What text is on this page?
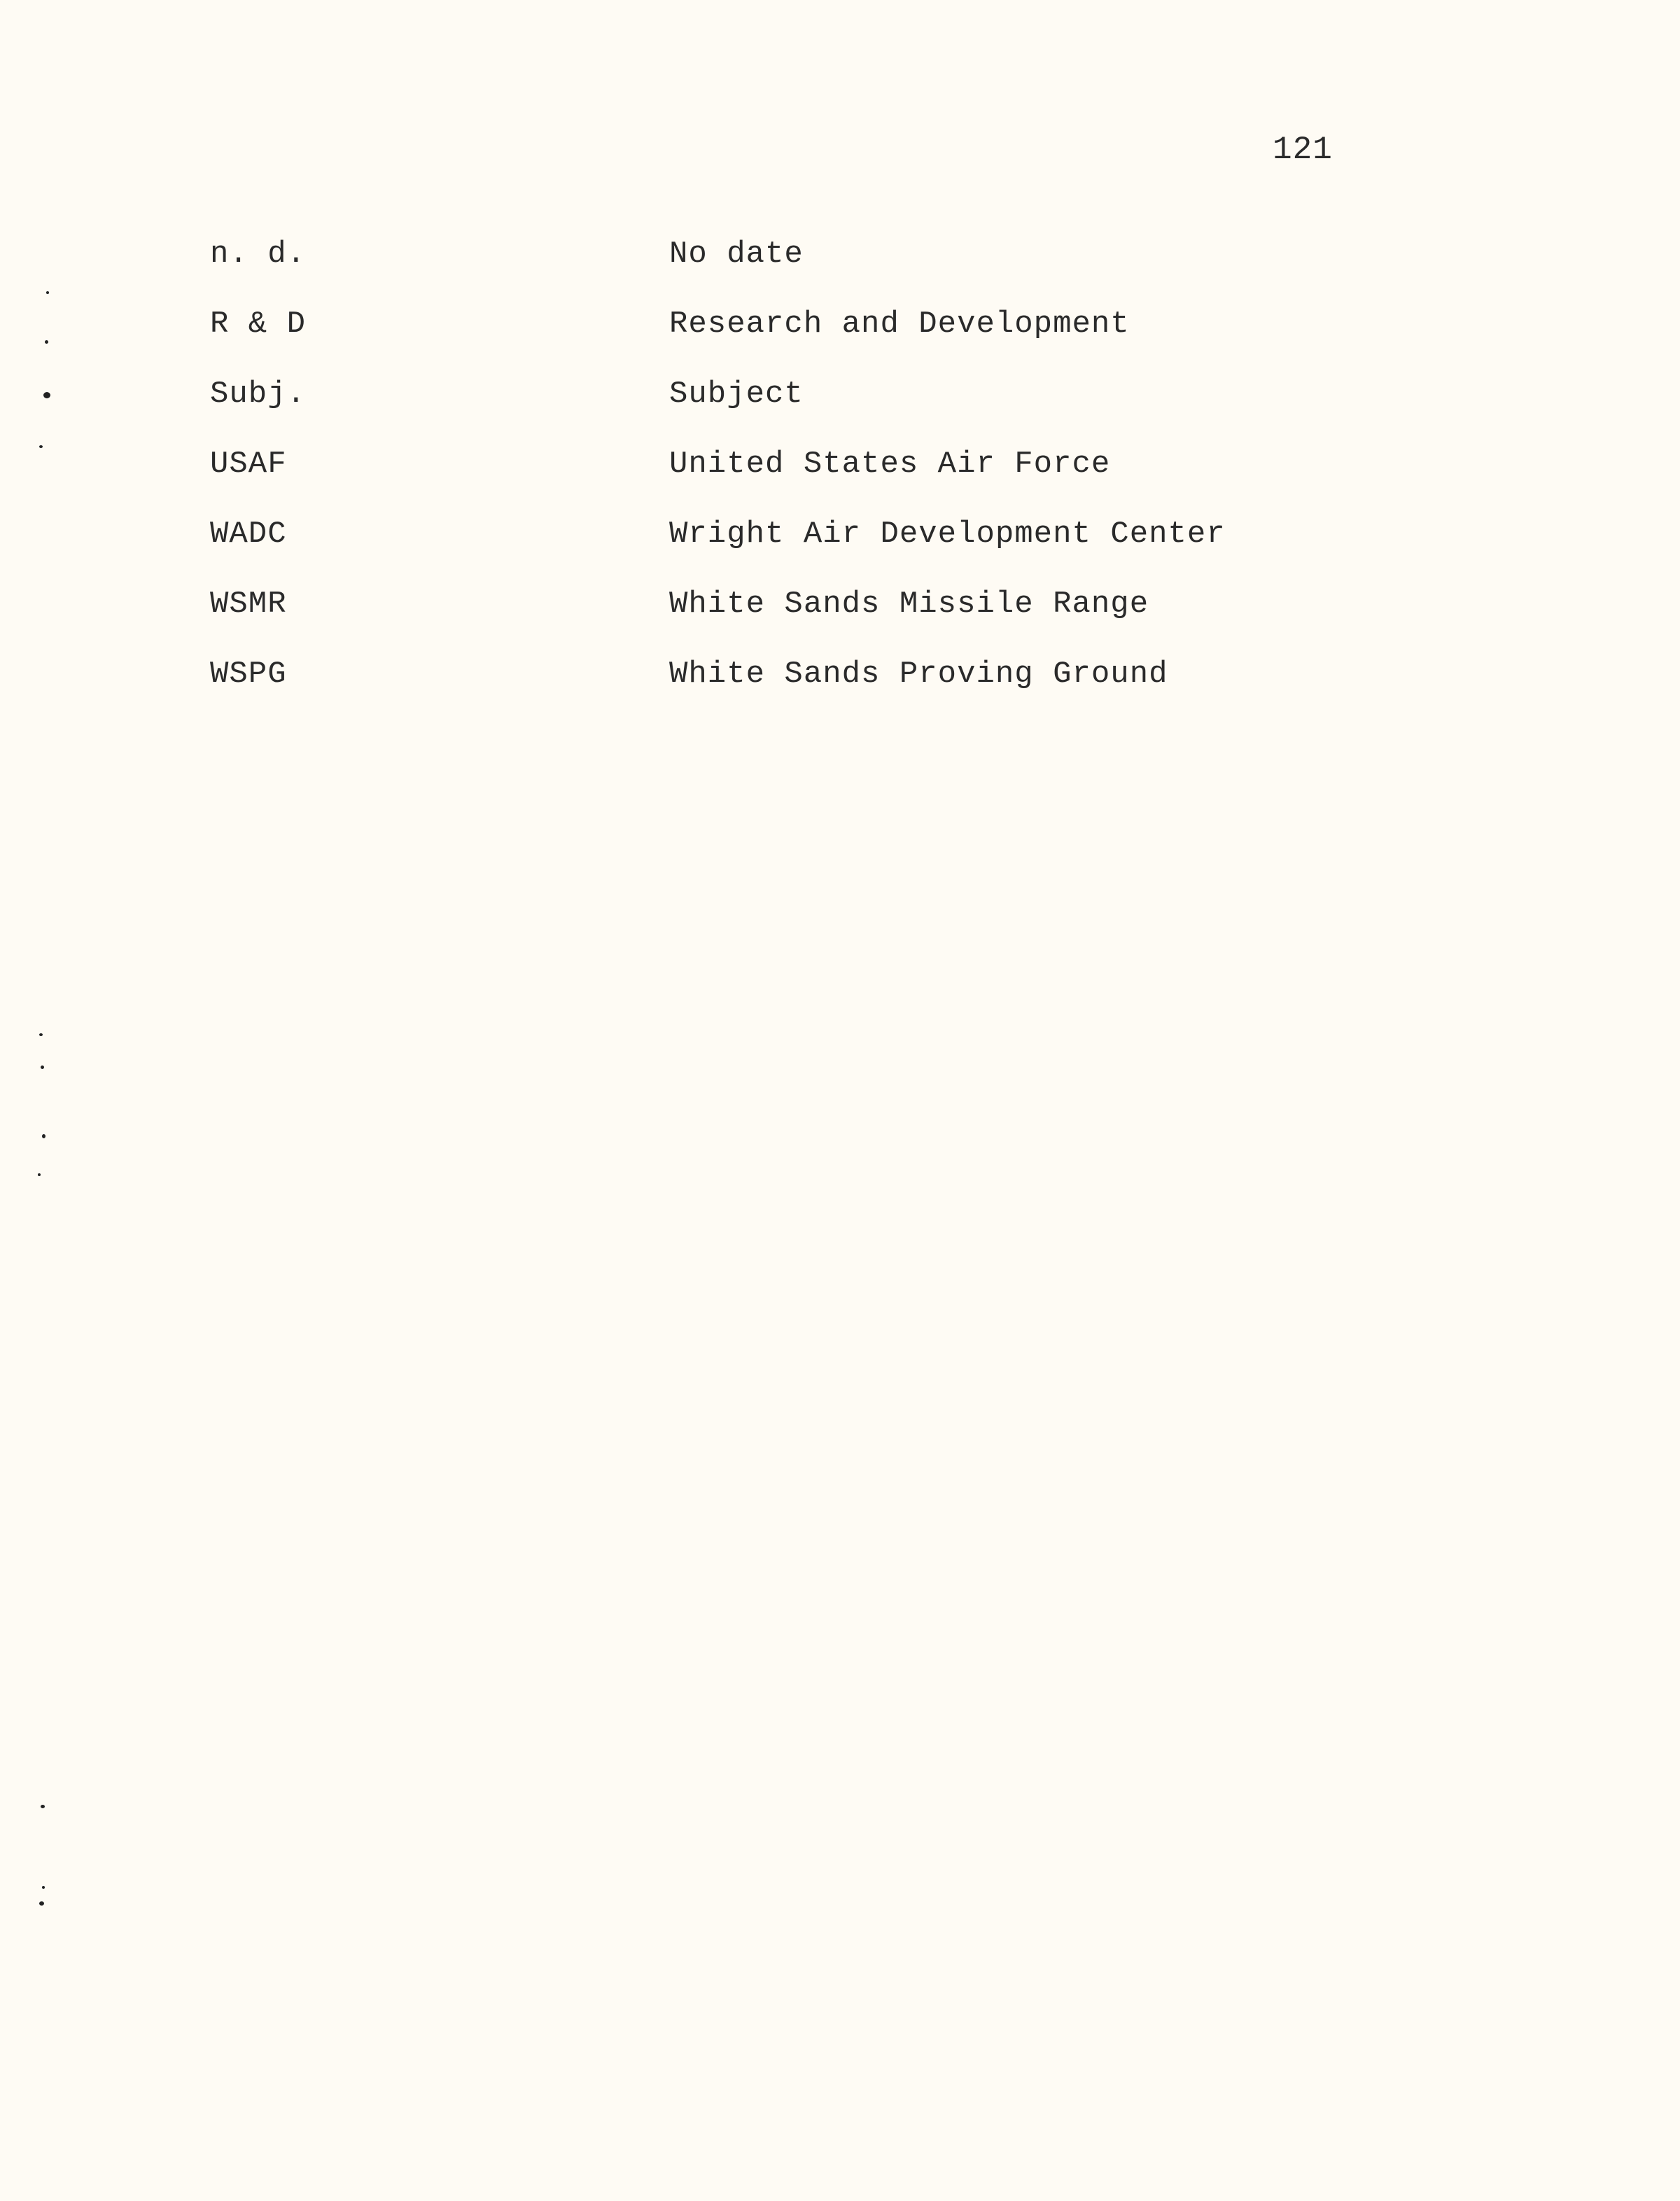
121
n. d.	No date
R & D	Research and Development
Subj.	Subject
USAF	United States Air Force
WADC	Wright Air Development Center
WSMR	White Sands Missile Range
WSPG	White Sands Proving Ground
